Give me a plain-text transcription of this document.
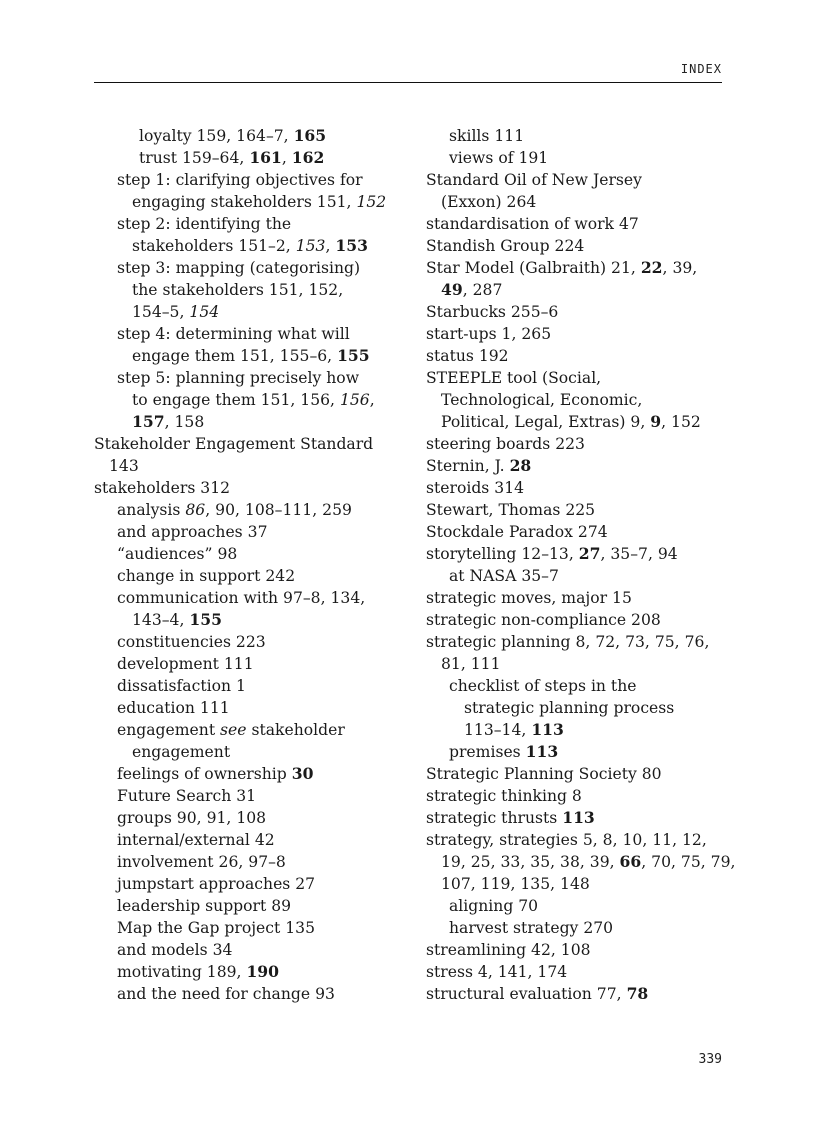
INDEX
loyalty 159, 164–7, 165
trust 159–64, 161, 162
step 1: clarifying objectives for
engaging stakeholders 151, 152
step 2: identifying the
stakeholders 151–2, 153, 153
step 3: mapping (categorising)
the stakeholders 151, 152,
154–5, 154
step 4: determining what will
engage them 151, 155–6, 155
step 5: planning precisely how
to engage them 151, 156, 156,
157, 158
Stakeholder Engagement Standard
143
stakeholders 312
analysis 86, 90, 108–111, 259
and approaches 37
“audiences” 98
change in support 242
communication with 97–8, 134,
143–4, 155
constituencies 223
development 111
dissatisfaction 1
education 111
engagement see stakeholder
engagement
feelings of ownership 30
Future Search 31
groups 90, 91, 108
internal/external 42
involvement 26, 97–8
jumpstart approaches 27
leadership support 89
Map the Gap project 135
and models 34
motivating 189, 190
and the need for change 93
skills 111
views of 191
Standard Oil of New Jersey
(Exxon) 264
standardisation of work 47
Standish Group 224
Star Model (Galbraith) 21, 22, 39,
49, 287
Starbucks 255–6
start-ups 1, 265
status 192
STEEPLE tool (Social,
Technological, Economic,
Political, Legal, Extras) 9, 9, 152
steering boards 223
Sternin, J. 28
steroids 314
Stewart, Thomas 225
Stockdale Paradox 274
storytelling 12–13, 27, 35–7, 94
at NASA 35–7
strategic moves, major 15
strategic non-compliance 208
strategic planning 8, 72, 73, 75, 76,
81, 111
checklist of steps in the
strategic planning process
113–14, 113
premises 113
Strategic Planning Society 80
strategic thinking 8
strategic thrusts 113
strategy, strategies 5, 8, 10, 11, 12,
19, 25, 33, 35, 38, 39, 66, 70, 75, 79,
107, 119, 135, 148
aligning 70
harvest strategy 270
streamlining 42, 108
stress 4, 141, 174
structural evaluation 77, 78
339
